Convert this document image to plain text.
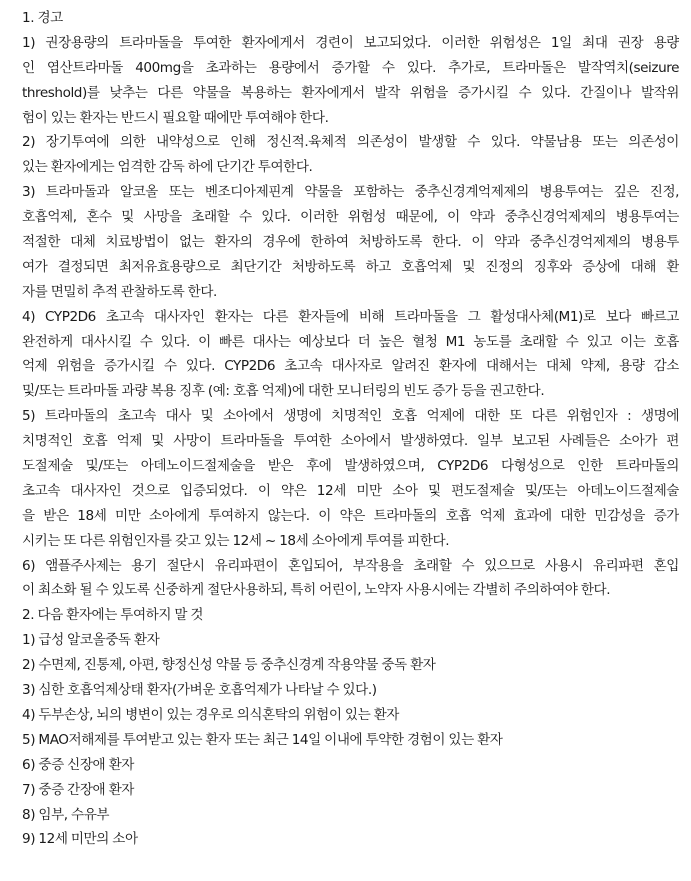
1. 경고
1) 권장용량의 트라마돌을 투여한 환자에게서 경련이 보고되었다. 이러한 위험성은 1일 최대 권장 용량
인 염산트라마돌 400mg을 초과하는 용량에서 증가할 수 있다. 추가로, 트라마돌은 발작역치(seizure
threshold)를 낮추는 다른 약물을 복용하는 환자에게서 발작 위험을 증가시킬 수 있다. 간질이나 발작위
험이 있는 환자는 반드시 필요할 때에만 투여해야 한다.
2) 장기투여에 의한 내약성으로 인해 정신적.육체적 의존성이 발생할 수 있다. 약물남용 또는 의존성이
있는 환자에게는 엄격한 감독 하에 단기간 투여한다.
3) 트라마돌과 알코올 또는 벤조디아제핀계 약물을 포함하는 중추신경계억제제의 병용투여는 깊은 진정,
호흡억제, 혼수 및 사망을 초래할 수 있다. 이러한 위험성 때문에, 이 약과 중추신경억제제의 병용투여는
적절한 대체 치료방법이 없는 환자의 경우에 한하여 처방하도록 한다. 이 약과 중추신경억제제의 병용투
여가 결정되면 최저유효용량으로 최단기간 처방하도록 하고 호흡억제 및 진정의 징후와 증상에 대해 환
자를 면밀히 추적 관찰하도록 한다.
4) CYP2D6 초고속 대사자인 환자는 다른 환자들에 비해 트라마돌을 그 활성대사체(M1)로 보다 빠르고
완전하게 대사시킬 수 있다. 이 빠른 대사는 예상보다 더 높은 혈청 M1 농도를 초래할 수 있고 이는 호흡
억제 위험을 증가시킬 수 있다. CYP2D6 초고속 대사자로 알려진 환자에 대해서는 대체 약제, 용량 감소
및/또는 트라마돌 과량 복용 징후 (예: 호흡 억제)에 대한 모니터링의 빈도 증가 등을 권고한다.
5) 트라마돌의 초고속 대사 및 소아에서 생명에 치명적인 호흡 억제에 대한 또 다른 위험인자 : 생명에
치명적인 호흡 억제 및 사망이 트라마돌을 투여한 소아에서 발생하였다. 일부 보고된 사례들은 소아가 편
도절제술 및/또는 아데노이드절제술을 받은 후에 발생하였으며, CYP2D6 다형성으로 인한 트라마돌의
초고속 대사자인 것으로 입증되었다. 이 약은 12세 미만 소아 및 편도절제술 및/또는 아데노이드절제술
을 받은 18세 미만 소아에게 투여하지 않는다. 이 약은 트라마돌의 호흡 억제 효과에 대한 민감성을 증가
시키는 또 다른 위험인자를 갖고 있는 12세 ~ 18세 소아에게 투여를 피한다.
6) 앰플주사제는 용기 절단시 유리파편이 혼입되어, 부작용을 초래할 수 있으므로 사용시 유리파편 혼입
이 최소화 될 수 있도록 신중하게 절단사용하되, 특히 어린이, 노약자 사용시에는 각별히 주의하여야 한다.
2. 다음 환자에는 투여하지 말 것
1) 급성 알코올중독 환자
2) 수면제, 진통제, 아편, 향정신성 약물 등 중추신경계 작용약물 중독 환자
3) 심한 호흡억제상태 환자(가벼운 호흡억제가 나타날 수 있다.)
4) 두부손상, 뇌의 병변이 있는 경우로 의식혼탁의 위험이 있는 환자
5) MAO저해제를 투여받고 있는 환자 또는 최근 14일 이내에 투약한 경험이 있는 환자
6) 중증 신장애 환자
7) 중증 간장애 환자
8) 임부, 수유부
9) 12세 미만의 소아
